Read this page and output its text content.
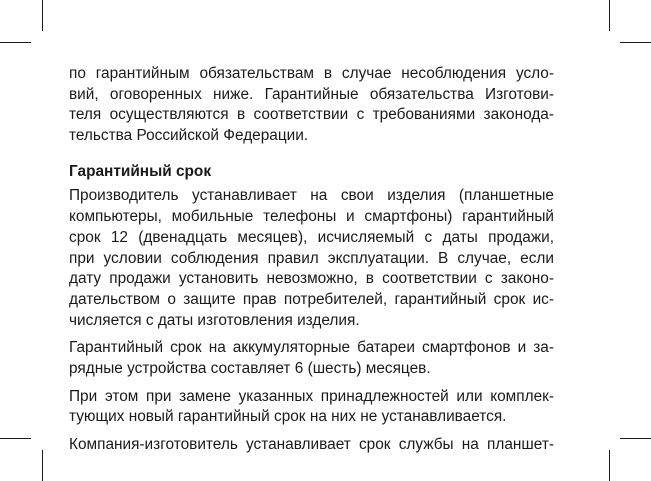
по гарантийным обязательствам в случае несоблюдения усло-
вий, оговоренных ниже. Гарантийные обязательства Изготови-
теля осуществляются в соответствии с требованиями законода-
тельства Российской Федерации.
Гарантийный срок
Производитель устанавливает на свои изделия (планшетные
компьютеры, мобильные телефоны и смартфоны) гарантийный
срок 12 (двенадцать месяцев), исчисляемый с даты продажи,
при условии соблюдения правил эксплуатации. В случае, если
дату продажи установить невозможно, в соответствии с законо-
дательством о защите прав потребителей, гарантийный срок ис-
числяется с даты изготовления изделия.
Гарантийный срок на аккумуляторные батареи смартфонов и за-
рядные устройства составляет 6 (шесть) месяцев.
При этом при замене указанных принадлежностей или комплек-
тующих новый гарантийный срок на них не устанавливается.
Компания-изготовитель устанавливает срок службы на планшет-
